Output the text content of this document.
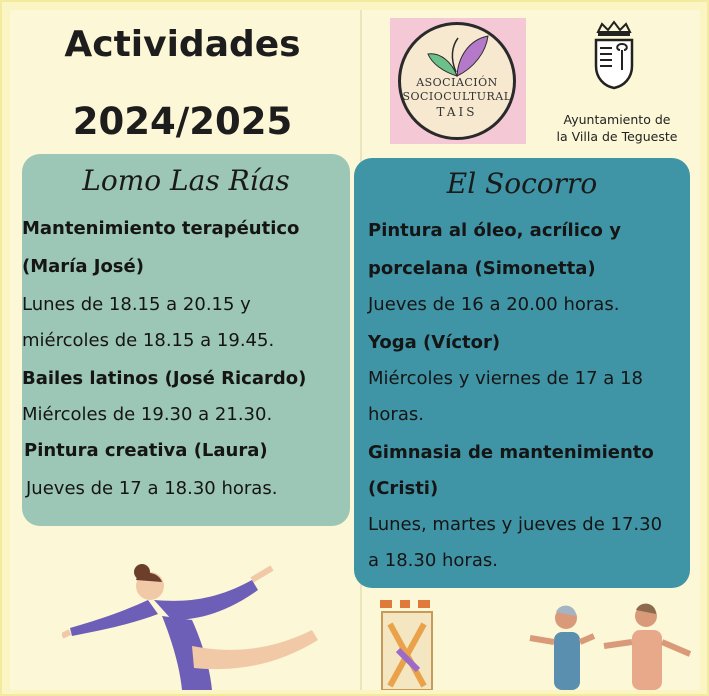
Actividades
2024/2025
ASOCIACIÓN
SOCIOCULTURAL
TAIS	Ayuntamiento de
la Villa de Tegueste
Lomo Las Rías	El Socorro
Mantenimiento terapéutico
(María José)
Lunes de 18.15 a 20.15 y
miércoles de 18.15 a 19.45.
Bailes latinos (José Ricardo)
Miércoles de 19.30 a 21.30.
Pintura creativa (Laura)
Jueves de 17 a 18.30 horas.
Pintura al óleo, acrílico y
porcelana (Simonetta)
Jueves de 16 a 20.00 horas.
Yoga (Víctor)
Miércoles y viernes de 17 a 18
horas.
Gimnasia de mantenimiento
(Cristi)
Lunes, martes y jueves de 17.30
a 18.30 horas.
